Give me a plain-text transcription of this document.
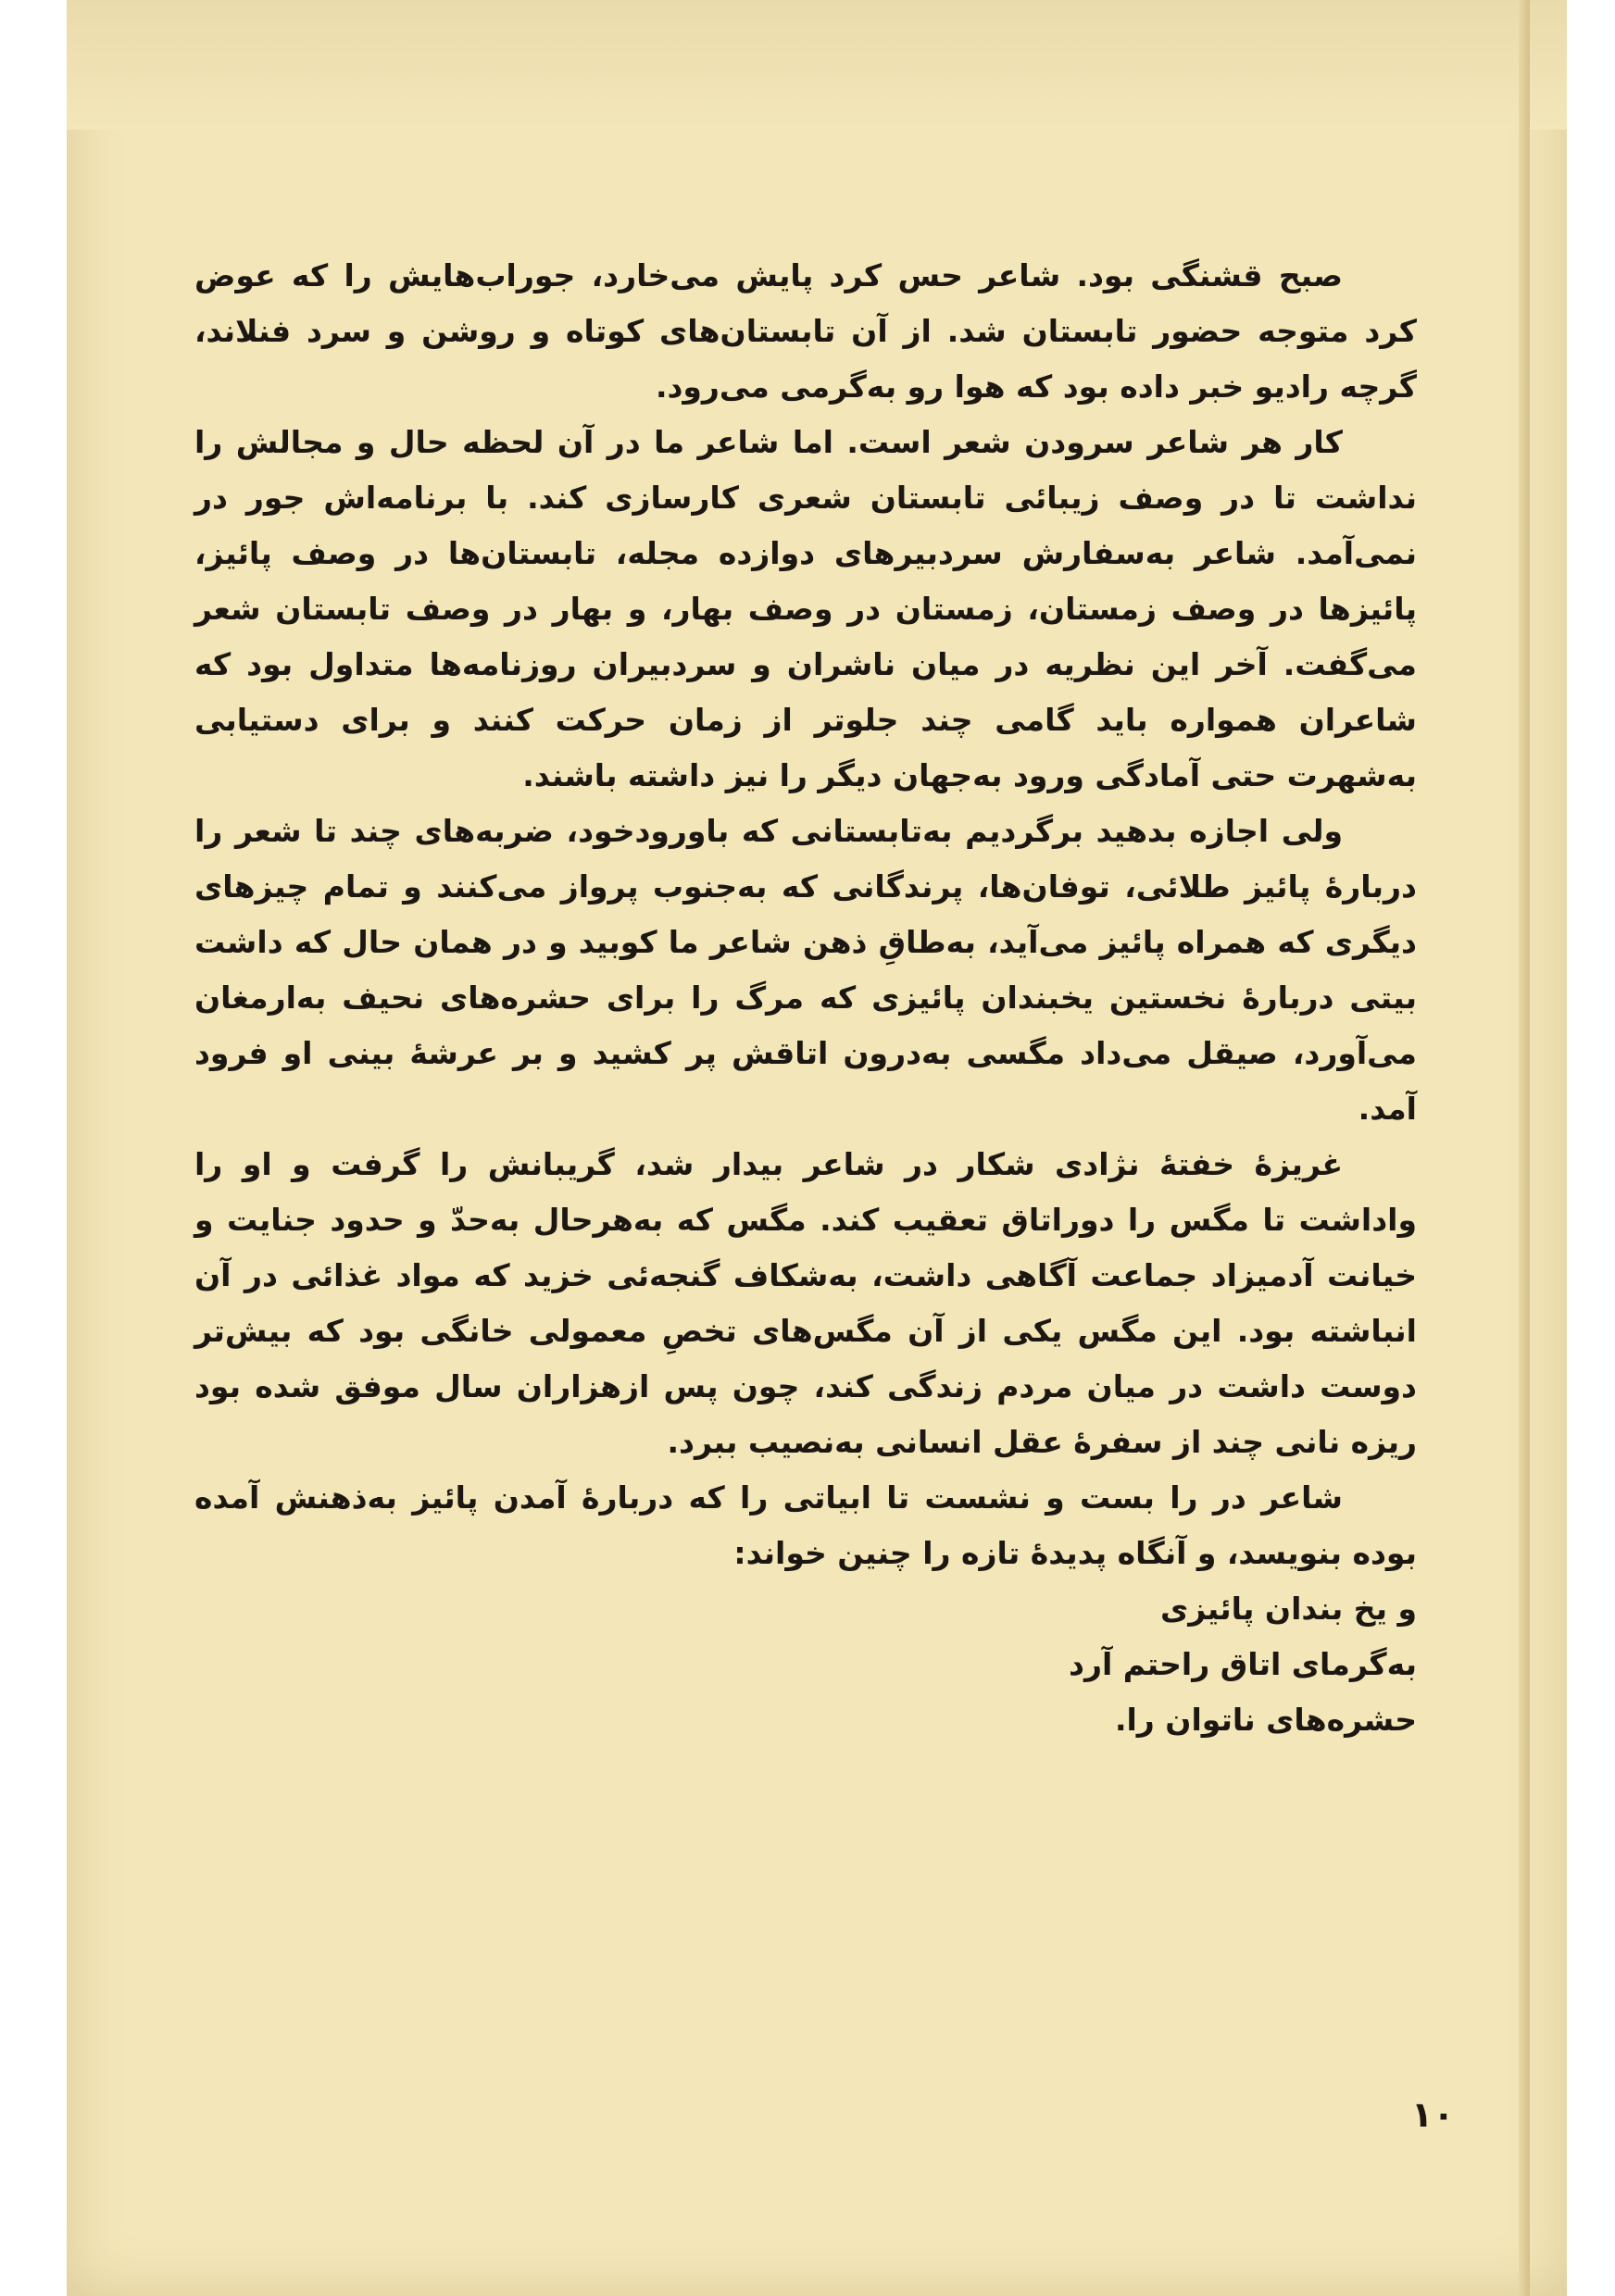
صبح قشنگی بود. شاعر حس کرد پایش می‌خارد، جوراب‌هایش را که عوض کرد متوجه حضور تابستان شد. از آن تابستان‌های کوتاه و روشن و سرد فنلاند، گرچه رادیو خبر داده بود که هوا رو به‌گرمی می‌رود.

کار هر شاعر سرودن شعر است. اما شاعر ما در آن لحظه حال و مجالش را نداشت تا در وصف زیبائی تابستان شعری کارسازی کند. با برنامه‌اش جور در نمی‌آمد. شاعر به‌سفارش سردبیرهای دوازده مجله، تابستان‌ها در وصف پائیز، پائیزها در وصف زمستان، زمستان در وصف بهار، و بهار در وصف تابستان شعر می‌گفت. آخر این نظریه در میان ناشران و سردبیران روزنامه‌ها متداول بود که شاعران همواره باید گامی چند جلوتر از زمان حرکت کنند و برای دستیابی به‌شهرت حتی آمادگی ورود به‌جهان دیگر را نیز داشته باشند.

ولی اجازه بدهید برگردیم به‌تابستانی که باورودخود، ضربه‌های چند تا شعر را دربارهٔ پائیز طلائی، توفان‌ها، پرندگانی که به‌جنوب پرواز می‌کنند و تمام چیزهای دیگری که همراه پائیز می‌آید، به‌طاقِ ذهن شاعر ما کوبید و در همان حال که داشت بیتی دربارهٔ نخستین یخبندان پائیزی که مرگ را برای حشره‌های نحیف به‌ارمغان می‌آورد، صیقل می‌داد مگسی به‌درون اتاقش پر کشید و بر عرشهٔ بینی او فرود آمد.

غریزهٔ خفتهٔ نژادی شکار در شاعر بیدار شد، گریبانش را گرفت و او را واداشت تا مگس را دوراتاق تعقیب کند. مگس که به‌هرحال به‌حدّ و حدود جنایت و خیانت آدمیزاد جماعت آگاهی داشت، به‌شکاف گنجه‌ئی خزید که مواد غذائی در آن انباشته بود. این مگس یکی از آن مگس‌های تخصِ معمولی خانگی بود که بیش‌تر دوست داشت در میان مردم زندگی کند، چون پس ازهزاران سال موفق شده بود ریزه نانی چند از سفرهٔ عقل انسانی به‌نصیب ببرد.

شاعر در را بست و نشست تا ابیاتی را که دربارهٔ آمدن پائیز به‌ذهنش آمده بوده بنویسد، و آنگاه پدیدهٔ تازه را چنین خواند:

و یخ بندان پائیزی
به‌گرمای اتاق راحتم آرد
حشره‌های ناتوان را.
۱۰
